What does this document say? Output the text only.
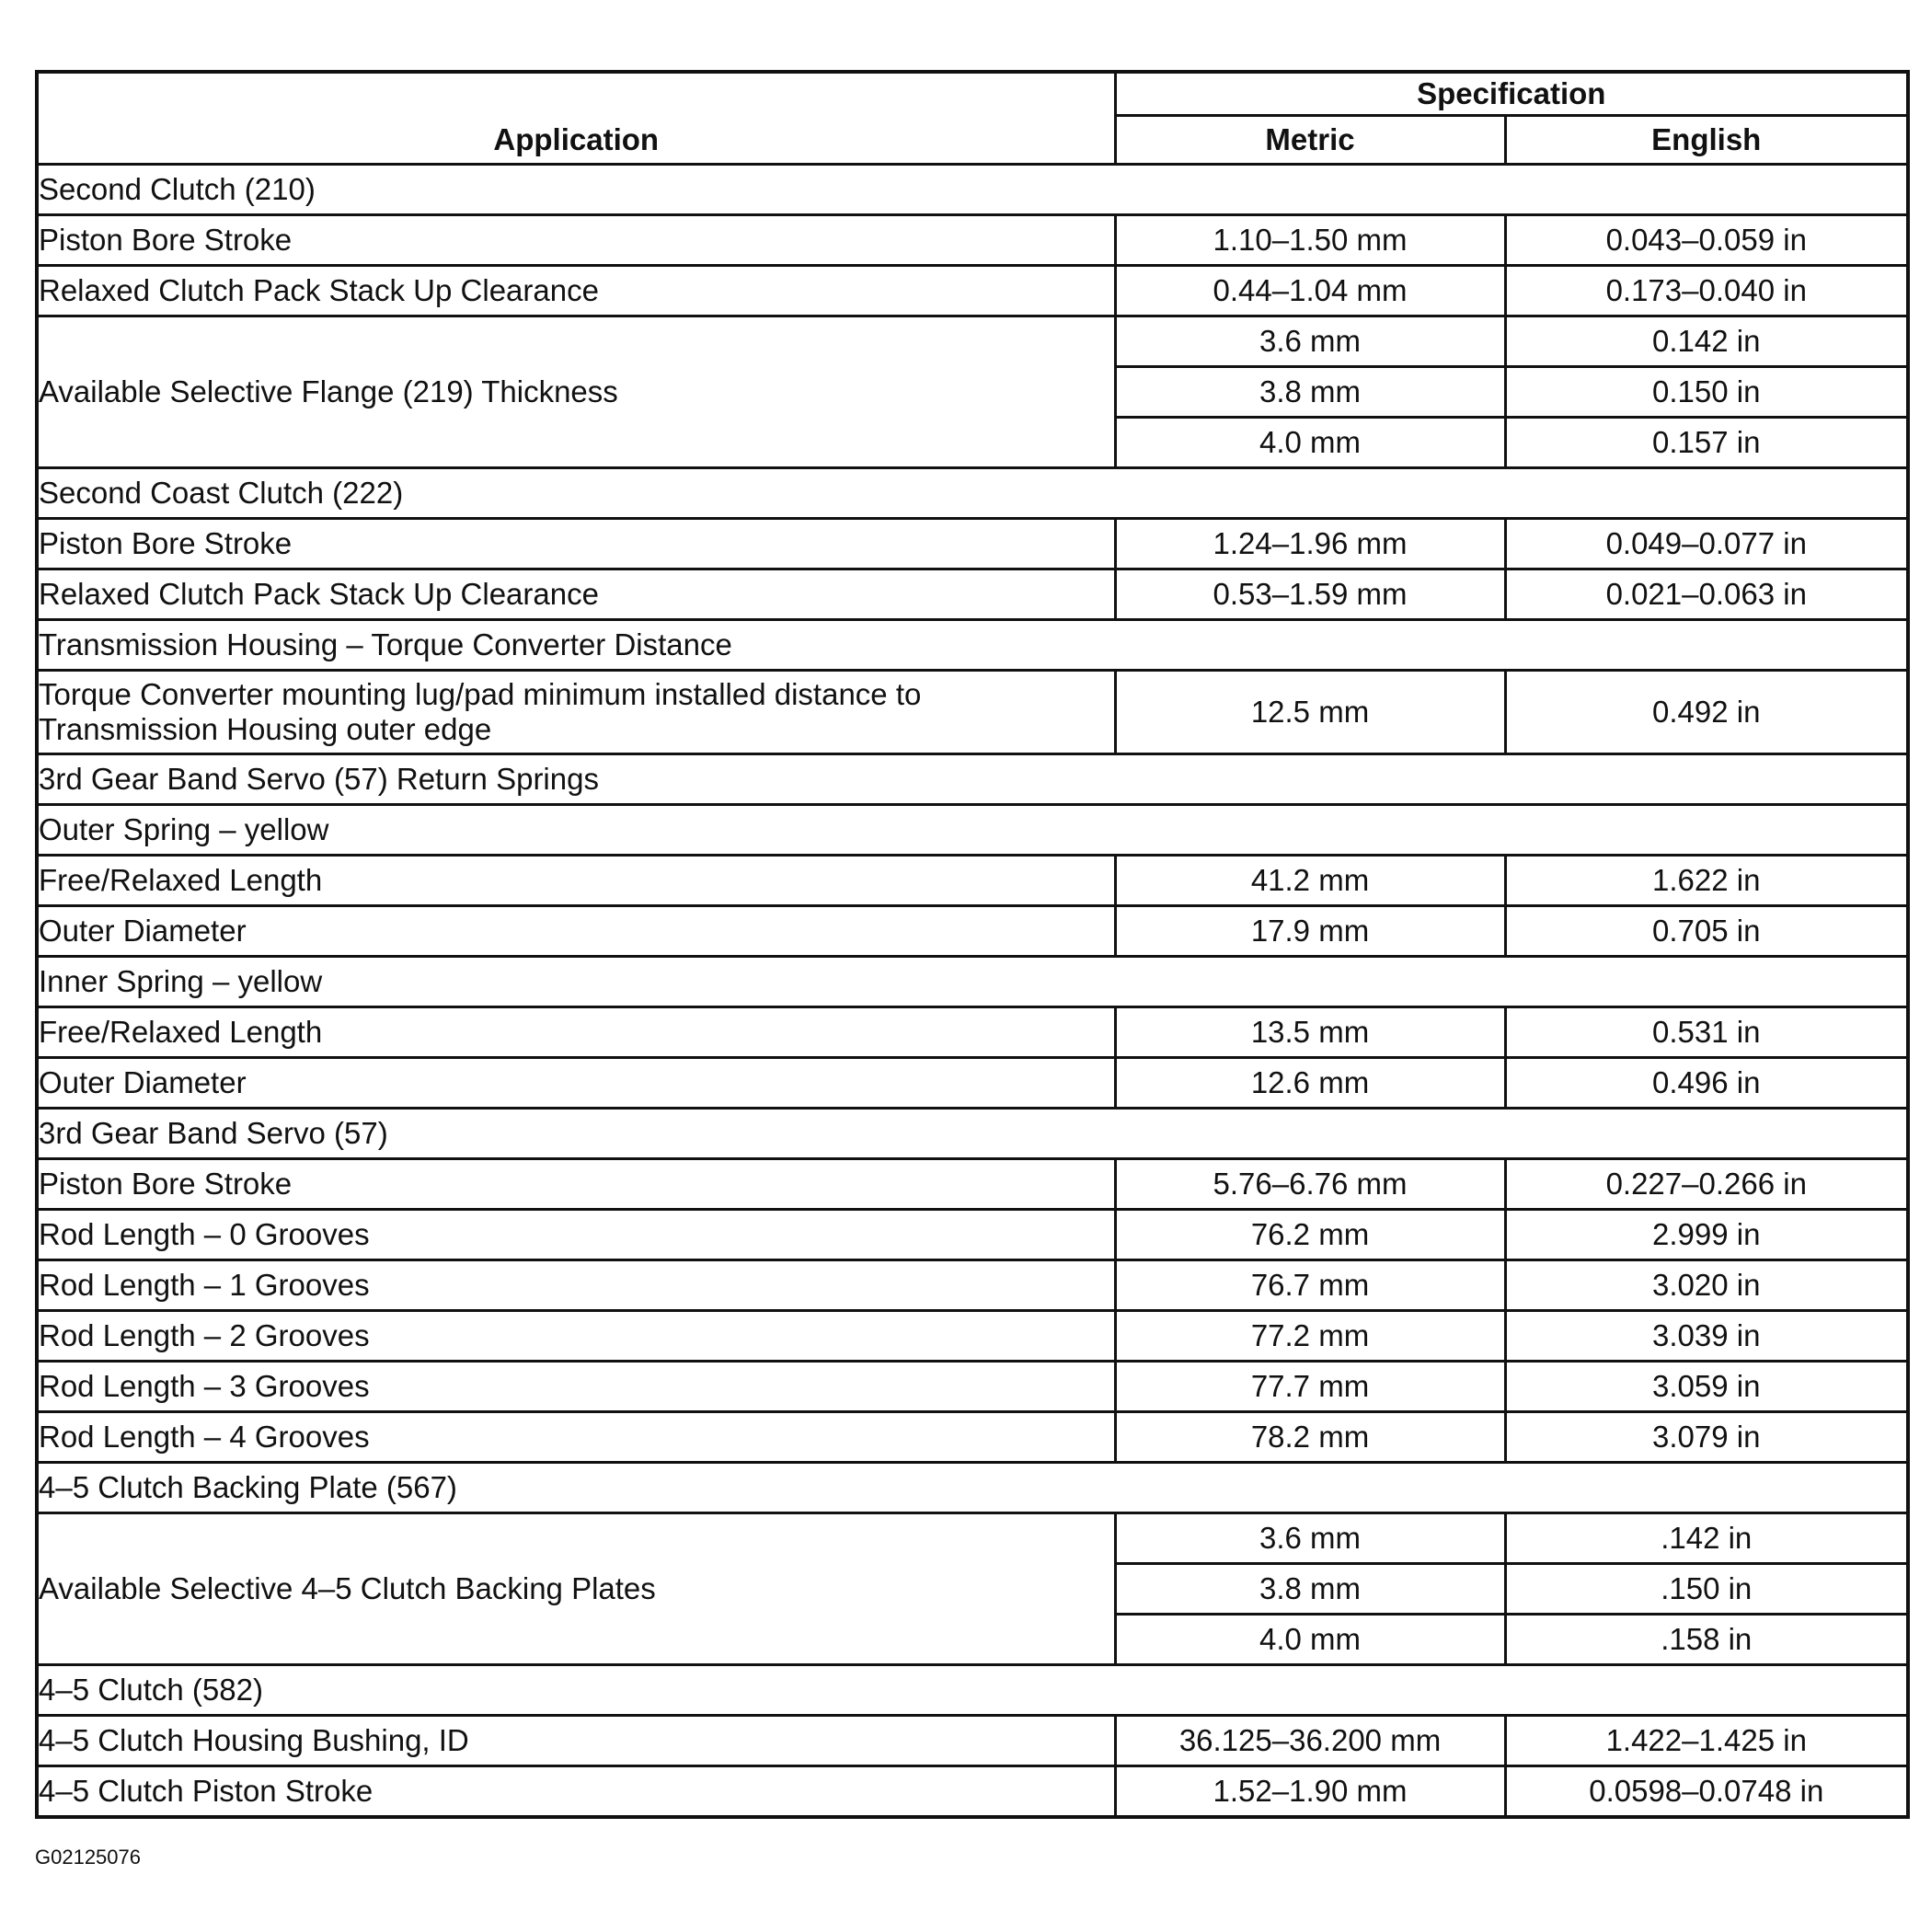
Application	Specification	
	Metric	English
Second Clutch (210)		
Piston Bore Stroke	1.10–1.50 mm	0.043–0.059 in
Relaxed Clutch Pack Stack Up Clearance	0.44–1.04 mm	0.173–0.040 in
Available Selective Flange (219) Thickness	3.6 mm	0.142 in
	3.8 mm	0.150 in
	4.0 mm	0.157 in
Second Coast Clutch (222)		
Piston Bore Stroke	1.24–1.96 mm	0.049–0.077 in
Relaxed Clutch Pack Stack Up Clearance	0.53–1.59 mm	0.021–0.063 in
Transmission Housing – Torque Converter Distance		

Torque Converter mounting lug/pad minimum installed distance to
Transmission Housing outer edge	12.5 mm	0.492 in
3rd Gear Band Servo (57) Return Springs		
Outer Spring – yellow		
Free/Relaxed Length	41.2 mm	1.622 in
Outer Diameter	17.9 mm	0.705 in
Inner Spring – yellow		
Free/Relaxed Length	13.5 mm	0.531 in
Outer Diameter	12.6 mm	0.496 in
3rd Gear Band Servo (57)		
Piston Bore Stroke	5.76–6.76 mm	0.227–0.266 in
Rod Length – 0 Grooves	76.2 mm	2.999 in
Rod Length – 1 Grooves	76.7 mm	3.020 in
Rod Length – 2 Grooves	77.2 mm	3.039 in
Rod Length – 3 Grooves	77.7 mm	3.059 in
Rod Length – 4 Grooves	78.2 mm	3.079 in
4–5 Clutch Backing Plate (567)		
Available Selective 4–5 Clutch Backing Plates	3.6 mm	.142 in
	3.8 mm	.150 in
	4.0 mm	.158 in
4–5 Clutch (582)		
4–5 Clutch Housing Bushing, ID	36.125–36.200 mm	1.422–1.425 in
4–5 Clutch Piston Stroke	1.52–1.90 mm	0.0598–0.0748 in
G02125076
